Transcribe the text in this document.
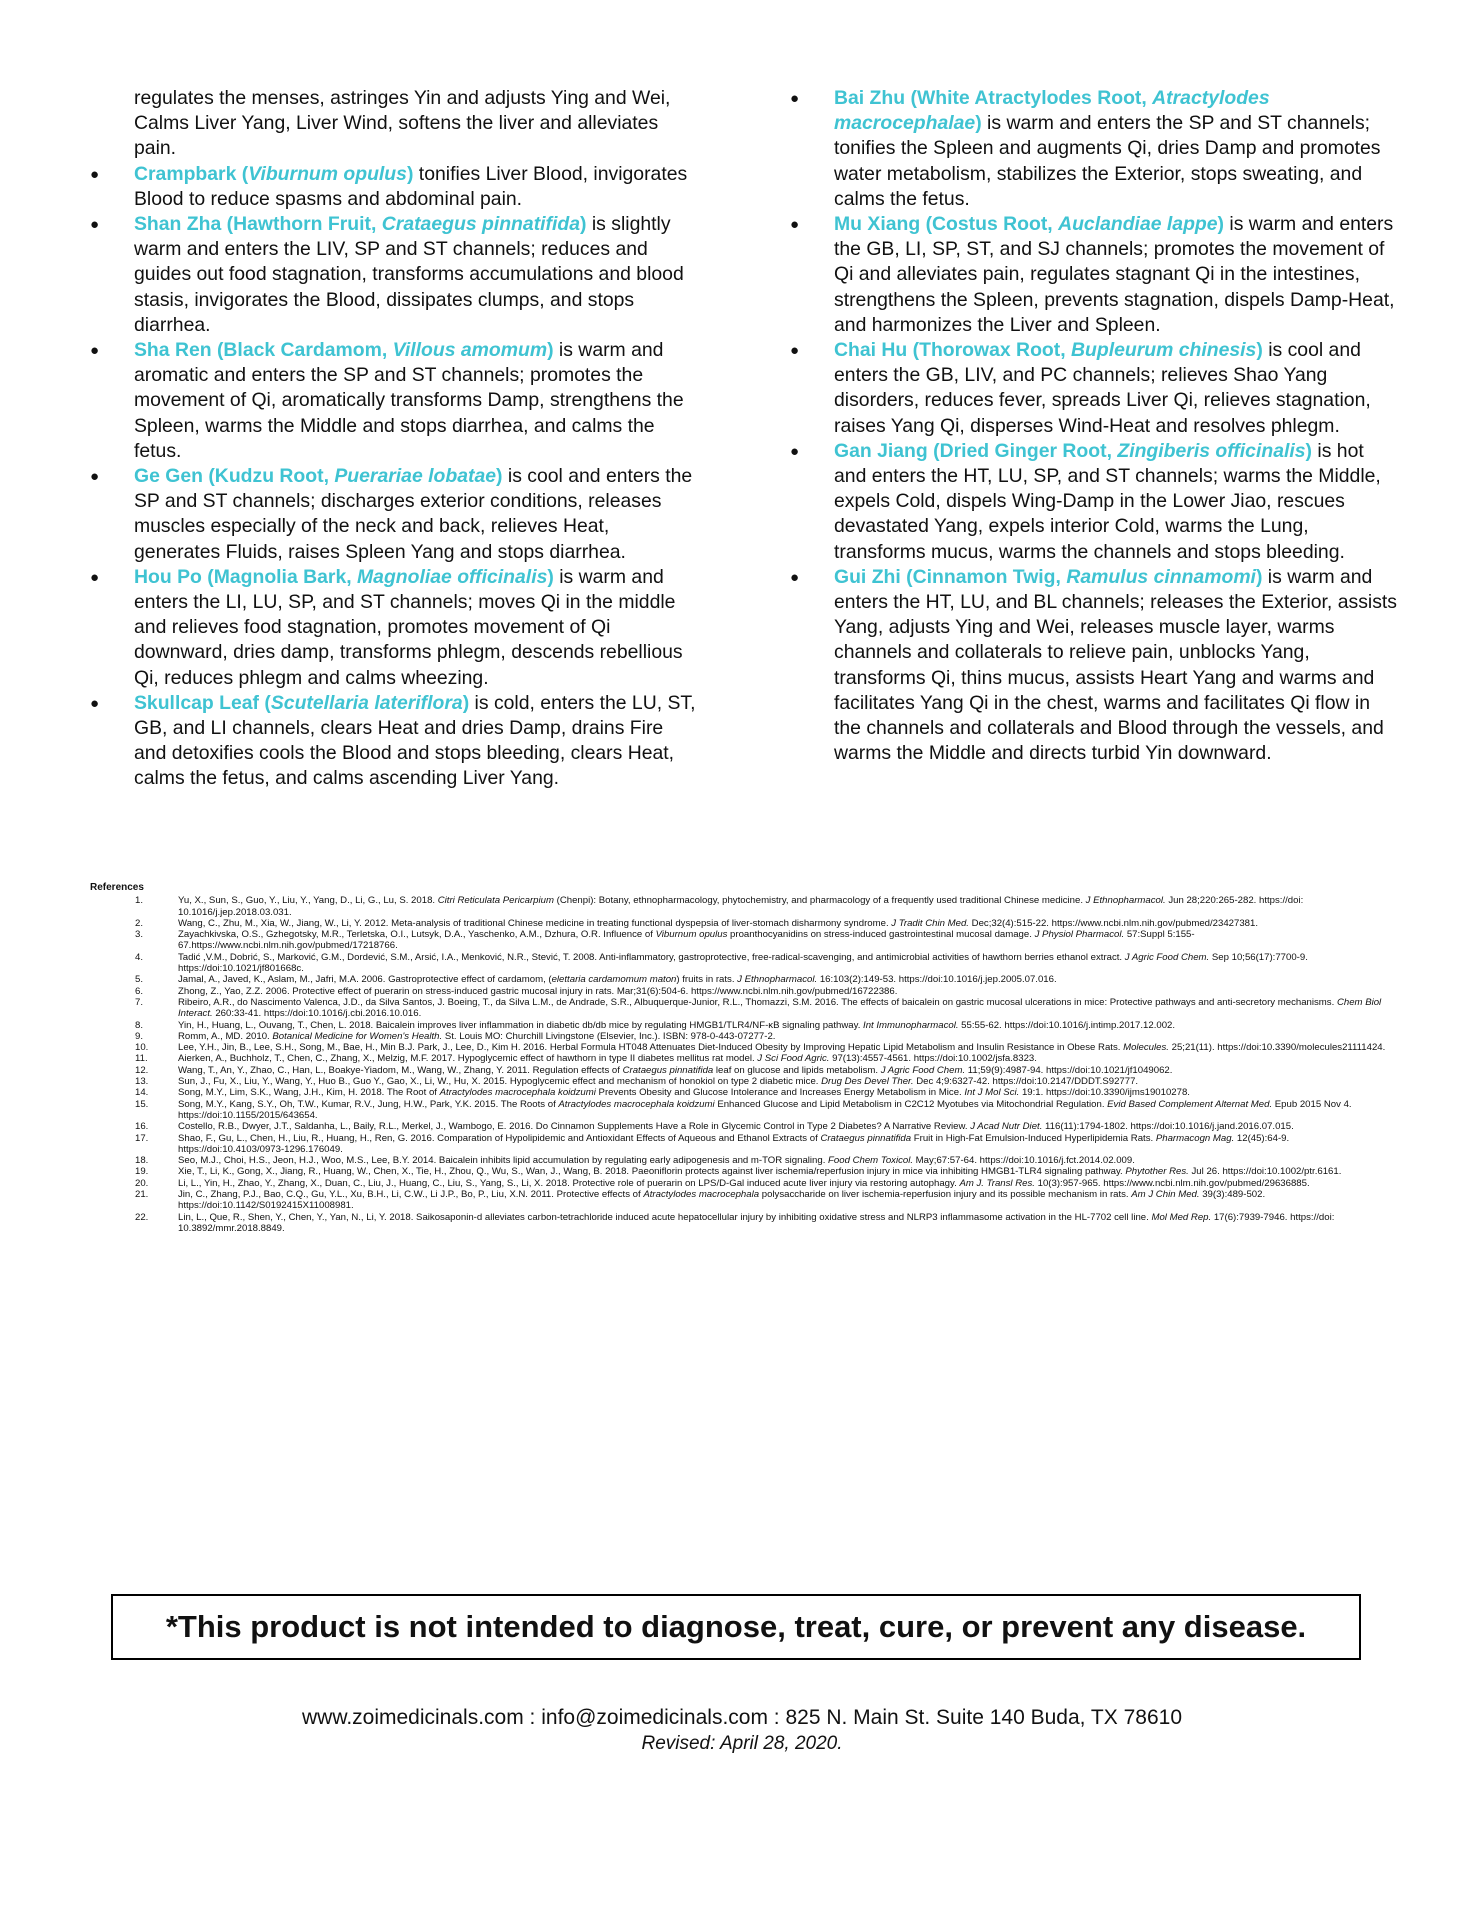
regulates the menses, astringes Yin and adjusts Ying and Wei, Calms Liver Yang, Liver Wind, softens the liver and alleviates pain.

● Crampbark (Viburnum opulus) tonifies Liver Blood, invigorates Blood to reduce spasms and abdominal pain.
● Shan Zha (Hawthorn Fruit, Crataegus pinnatifida) is slightly warm and enters the LIV, SP and ST channels; reduces and guides out food stagnation, transforms accumulations and blood stasis, invigorates the Blood, dissipates clumps, and stops diarrhea.
● Sha Ren (Black Cardamom, Villous amomum) is warm and aromatic and enters the SP and ST channels; promotes the movement of Qi, aromatically transforms Damp, strengthens the Spleen, warms the Middle and stops diarrhea, and calms the fetus.
● Ge Gen (Kudzu Root, Puerariae lobatae) is cool and enters the SP and ST channels; discharges exterior conditions, releases muscles especially of the neck and back, relieves Heat, generates Fluids, raises Spleen Yang and stops diarrhea.
● Hou Po (Magnolia Bark, Magnoliae officinalis) is warm and enters the LI, LU, SP, and ST channels; moves Qi in the middle and relieves food stagnation, promotes movement of Qi downward, dries damp, transforms phlegm, descends rebellious Qi, reduces phlegm and calms wheezing.
● Skullcap Leaf (Scutellaria lateriflora) is cold, enters the LU, ST, GB, and LI channels, clears Heat and dries Damp, drains Fire and detoxifies cools the Blood and stops bleeding, clears Heat, calms the fetus, and calms ascending Liver Yang.
● Bai Zhu (White Atractylodes Root, Atractylodes macrocephalae) is warm and enters the SP and ST channels; tonifies the Spleen and augments Qi, dries Damp and promotes water metabolism, stabilizes the Exterior, stops sweating, and calms the fetus.
● Mu Xiang (Costus Root, Auclandiae lappe) is warm and enters the GB, LI, SP, ST, and SJ channels; promotes the movement of Qi and alleviates pain, regulates stagnant Qi in the intestines, strengthens the Spleen, prevents stagnation, dispels Damp-Heat, and harmonizes the Liver and Spleen.
● Chai Hu (Thorowax Root, Bupleurum chinesis) is cool and enters the GB, LIV, and PC channels; relieves Shao Yang disorders, reduces fever, spreads Liver Qi, relieves stagnation, raises Yang Qi, disperses Wind-Heat and resolves phlegm.
● Gan Jiang (Dried Ginger Root, Zingiberis officinalis) is hot and enters the HT, LU, SP, and ST channels; warms the Middle, expels Cold, dispels Wing-Damp in the Lower Jiao, rescues devastated Yang, expels interior Cold, warms the Lung, transforms mucus, warms the channels and stops bleeding.
● Gui Zhi (Cinnamon Twig, Ramulus cinnamomi) is warm and enters the HT, LU, and BL channels; releases the Exterior, assists Yang, adjusts Ying and Wei, releases muscle layer, warms channels and collaterals to relieve pain, unblocks Yang, transforms Qi, thins mucus, assists Heart Yang and warms and facilitates Yang Qi in the chest, warms and facilitates Qi flow in the channels and collaterals and Blood through the vessels, and warms the Middle and directs turbid Yin downward.
References
1.	Yu, X., Sun, S., Guo, Y., Liu, Y., Yang, D., Li, G., Lu, S. 2018. Citri Reticulata Pericarpium (Chenpi): Botany, ethnopharmacology, phytochemistry, and pharmacology of a frequently used traditional Chinese medicine. J Ethnopharmacol. Jun 28;220:265-282. https://doi: 10.1016/j.jep.2018.03.031.
2.	Wang, C., Zhu, M., Xia, W., Jiang, W., Li, Y. 2012. Meta-analysis of traditional Chinese medicine in treating functional dyspepsia of liver-stomach disharmony syndrome. J Tradit Chin Med. Dec;32(4):515-22. https://www.ncbi.nlm.nih.gov/pubmed/23427381.
3.	Zayachkivska, O.S., Gzhegotsky, M.R., Terletska, O.I., Lutsyk, D.A., Yaschenko, A.M., Dzhura, O.R. Influence of Viburnum opulus proanthocyanidins on stress-induced gastrointestinal mucosal damage. J Physiol Pharmacol. 57:Suppl 5:155-67.https://www.ncbi.nlm.nih.gov/pubmed/17218766.
4.	Tadić ,V.M., Dobrić, S., Marković, G.M., Dordević, S.M., Arsić, I.A., Menković, N.R., Stević, T. 2008. Anti-inflammatory, gastroprotective, free-radical-scavenging, and antimicrobial activities of hawthorn berries ethanol extract. J Agric Food Chem. Sep 10;56(17):7700-9. https://doi:10.1021/jf801668c.
5.	Jamal, A., Javed, K., Aslam, M., Jafri, M.A. 2006. Gastroprotective effect of cardamom, (elettaria cardamomum maton) fruits in rats. J Ethnopharmacol. 16:103(2):149-53. https://doi:10.1016/j.jep.2005.07.016.
6.	Zhong, Z., Yao, Z.Z. 2006. Protective effect of puerarin on stress-induced gastric mucosal injury in rats. Mar;31(6):504-6. https://www.ncbi.nlm.nih.gov/pubmed/16722386.
7.	Ribeiro, A.R., do Nascimento Valenca, J.D., da Silva Santos, J. Boeing, T., da Silva L.M., de Andrade, S.R., Albuquerque-Junior, R.L., Thomazzi, S.M. 2016. The effects of baicalein on gastric mucosal ulcerations in mice: Protective pathways and anti-secretory mechanisms. Chem Biol Interact. 260:33-41. https://doi:10.1016/j.cbi.2016.10.016.
8.	Yin, H., Huang, L., Ouvang, T., Chen, L. 2018. Baicalein improves liver inflammation in diabetic db/db mice by regulating HMGB1/TLR4/NF-κB signaling pathway. Int Immunopharmacol. 55:55-62. https://doi:10.1016/j.intimp.2017.12.002.
9.	Romm, A., MD. 2010. Botanical Medicine for Women's Health. St. Louis MO: Churchill Livingstone (Elsevier, Inc.). ISBN: 978-0-443-07277-2.
10.	Lee, Y.H., Jin, B., Lee, S.H., Song, M., Bae, H., Min B.J. Park, J., Lee, D., Kim H. 2016. Herbal Formula HT048 Attenuates Diet-Induced Obesity by Improving Hepatic Lipid Metabolism and Insulin Resistance in Obese Rats. Molecules. 25;21(11). https://doi:10.3390/molecules21111424.
11.	Aierken, A., Buchholz, T., Chen, C., Zhang, X., Melzig, M.F. 2017. Hypoglycemic effect of hawthorn in type II diabetes mellitus rat model. J Sci Food Agric. 97(13):4557-4561. https://doi:10.1002/jsfa.8323.
12.	Wang, T., An, Y., Zhao, C., Han, L., Boakye-Yiadom, M., Wang, W., Zhang, Y. 2011. Regulation effects of Crataegus pinnatifida leaf on glucose and lipids metabolism. J Agric Food Chem. 11;59(9):4987-94. https://doi:10.1021/jf1049062.
13.	Sun, J., Fu, X., Liu, Y., Wang, Y., Huo B., Guo Y., Gao, X., Li, W., Hu, X. 2015. Hypoglycemic effect and mechanism of honokiol on type 2 diabetic mice. Drug Des Devel Ther. Dec 4;9:6327-42. https://doi:10.2147/DDDT.S92777.
14.	Song, M.Y., Lim, S.K., Wang, J.H., Kim, H. 2018. The Root of Atractylodes macrocephala koidzumi Prevents Obesity and Glucose Intolerance and Increases Energy Metabolism in Mice. Int J Mol Sci. 19:1. https://doi:10.3390/ijms19010278.
15.	Song, M.Y., Kang, S.Y., Oh, T.W., Kumar, R.V., Jung, H.W., Park, Y.K. 2015. The Roots of Atractylodes macrocephala koidzumi Enhanced Glucose and Lipid Metabolism in C2C12 Myotubes via Mitochondrial Regulation. Evid Based Complement Alternat Med. Epub 2015 Nov 4. https://doi:10.1155/2015/643654.
16.	Costello, R.B., Dwyer, J.T., Saldanha, L., Baily, R.L., Merkel, J., Wambogo, E. 2016. Do Cinnamon Supplements Have a Role in Glycemic Control in Type 2 Diabetes? A Narrative Review. J Acad Nutr Diet. 116(11):1794-1802. https://doi:10.1016/j.jand.2016.07.015.
17.	Shao, F., Gu, L., Chen, H., Liu, R., Huang, H., Ren, G. 2016. Comparation of Hypolipidemic and Antioxidant Effects of Aqueous and Ethanol Extracts of Crataegus pinnatifida Fruit in High-Fat Emulsion-Induced Hyperlipidemia Rats. Pharmacogn Mag. 12(45):64-9. https://doi:10.4103/0973-1296.176049.
18.	Seo, M.J., Choi, H.S., Jeon, H.J., Woo, M.S., Lee, B.Y. 2014. Baicalein inhibits lipid accumulation by regulating early adipogenesis and m-TOR signaling. Food Chem Toxicol. May;67:57-64. https://doi:10.1016/j.fct.2014.02.009.
19.	Xie, T., Li, K., Gong, X., Jiang, R., Huang, W., Chen, X., Tie, H., Zhou, Q., Wu, S., Wan, J., Wang, B. 2018. Paeoniflorin protects against liver ischemia/reperfusion injury in mice via inhibiting HMGB1-TLR4 signaling pathway. Phytother Res. Jul 26. https://doi:10.1002/ptr.6161.
20.	Li, L., Yin, H., Zhao, Y., Zhang, X., Duan, C., Liu, J., Huang, C., Liu, S., Yang, S., Li, X. 2018. Protective role of puerarin on LPS/D-Gal induced acute liver injury via restoring autophagy. Am J. Transl Res. 10(3):957-965. https://www.ncbi.nlm.nih.gov/pubmed/29636885.
21.	Jin, C., Zhang, P.J., Bao, C.Q., Gu, Y.L., Xu, B.H., Li, C.W., Li J.P., Bo, P., Liu, X.N. 2011. Protective effects of Atractylodes macrocephala polysaccharide on liver ischemia-reperfusion injury and its possible mechanism in rats. Am J Chin Med. 39(3):489-502. https://doi:10.1142/S0192415X11008981.
22.	Lin, L., Que, R., Shen, Y., Chen, Y., Yan, N., Li, Y. 2018. Saikosaponin-d alleviates carbon-tetrachloride induced acute hepatocellular injury by inhibiting oxidative stress and NLRP3 inflammasome activation in the HL-7702 cell line. Mol Med Rep. 17(6):7939-7946. https://doi: 10.3892/mmr.2018.8849.
*This product is not intended to diagnose, treat, cure, or prevent any disease.
www.zoimedicinals.com : info@zoimedicinals.com : 825 N. Main St. Suite 140 Buda, TX 78610
Revised: April 28, 2020.
